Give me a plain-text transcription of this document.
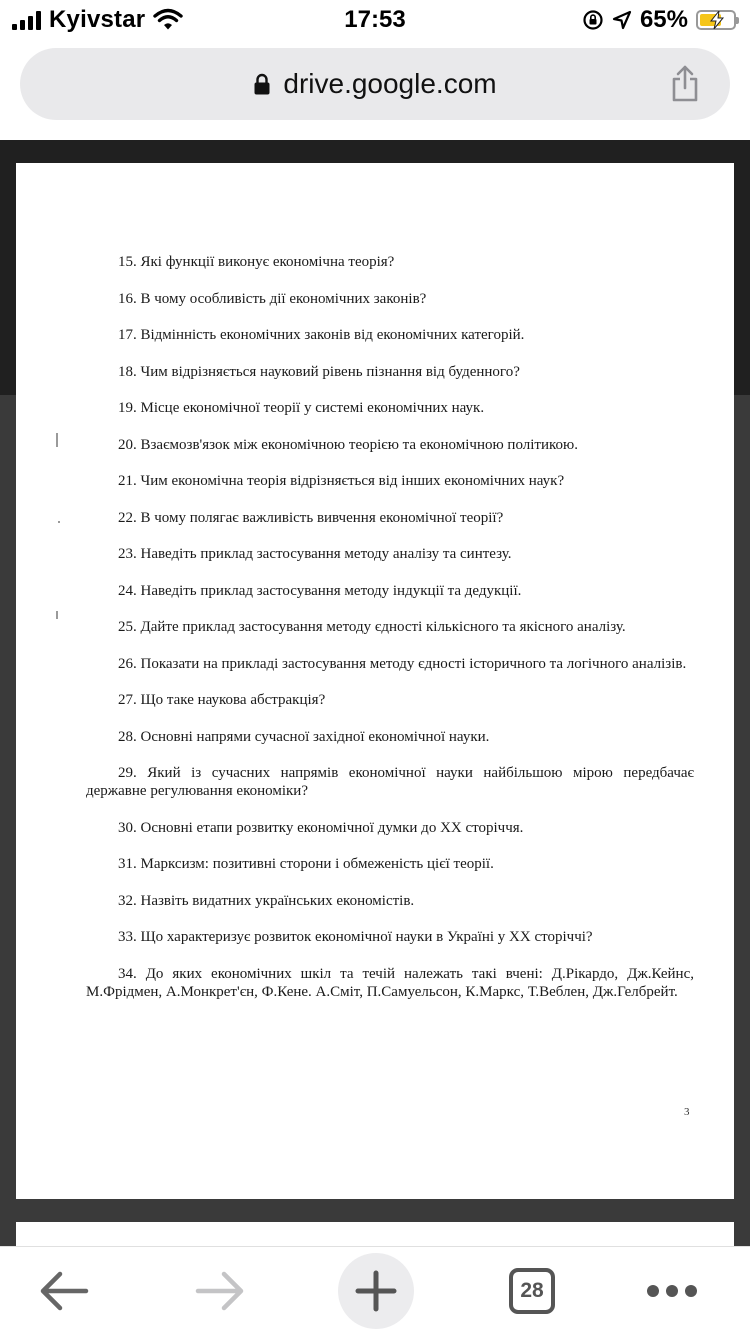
Kyivstar	17:53	65%
drive.google.com
15. Які функції виконує економічна теорія?
16. В чому особливість дії економічних законів?
17. Відмінність економічних законів від економічних категорій.
18. Чим відрізняється науковий рівень пізнання від буденного?
19. Місце економічної теорії у системі економічних наук.
20. Взаємозв'язок між економічною теорією та економічною політикою.
21. Чим економічна теорія відрізняється від інших економічних наук?
22. В чому полягає важливість вивчення економічної теорії?
23. Наведіть приклад застосування методу аналізу та синтезу.
24. Наведіть приклад застосування методу індукції та дедукції.
25. Дайте приклад застосування методу єдності кількісного та якісного аналізу.
26. Показати на прикладі застосування методу єдності історичного та логічного аналізів.
27. Що таке наукова абстракція?
28. Основні напрями сучасної західної економічної науки.
29. Який із сучасних напрямів економічної науки найбільшою мірою передбачає державне регулювання економіки?
30. Основні етапи розвитку економічної думки до XX сторіччя.
31. Марксизм: позитивні сторони і обмеженість цієї теорії.
32. Назвіть видатних українських економістів.
33. Що характеризує розвиток економічної науки в Україні у XX сторіччі?
34. До яких економічних шкіл та течій належать такі вчені: Д.Рікардо, Дж.Кейнс, М.Фрідмен, А.Монкрет'єн, Ф.Кене. А.Сміт, П.Самуельсон, К.Маркс, Т.Веблен, Дж.Гелбрейт.
3
28
